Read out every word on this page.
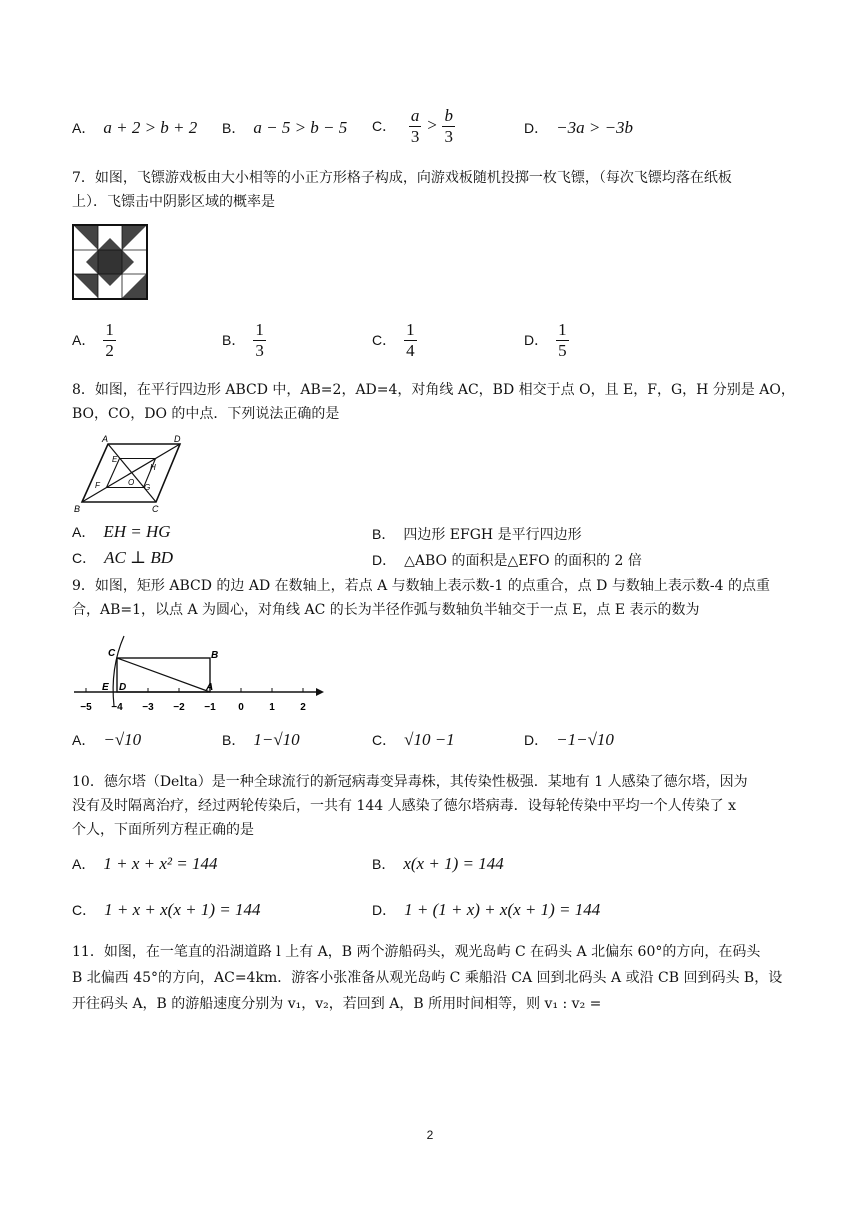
A． a + 2 > b + 2 B． a − 5 > b − 5 C． $\frac{a}{3} > \frac{b}{3}$	D． −3a > −3b
7．如图，飞镖游戏板由大小相等的小正方形格子构成，向游戏板随机投掷一枚飞镖，（每次飞镖均落在纸板
上）．飞镖击中阴影区域的概率是
A． $\frac{1}{2}$	B． $\frac{1}{3}$	C． $\frac{1}{4}$	D． $\frac{1}{5}$
8．如图，在平行四边形 ABCD 中，AB=2，AD=4，对角线 AC，BD 相交于点 O，且 E，F，G，H 分别是 AO，
BO，CO，DO 的中点．下列说法正确的是
A	D
C
B
E
F	G
H
O
A． EH = HG	B． 四边形 EFGH 是平行四边形
C． AC ⊥ BD	D． △ABO 的面积是△EFO 的面积的 2 倍
9．如图，矩形 ABCD 的边 AD 在数轴上，若点 A 与数轴上表示数-1 的点重合，点 D 与数轴上表示数-4 的点重
合，AB=1，以点 A 为圆心，对角线 AC 的长为半径作弧与数轴负半轴交于一点 E，点 E 表示的数为
C	B
E D	A
−5 −4 −3 −2 −1 0	1	2
A． −√10	B． 1−√10	C． √10 −1	D． −1−√10
10．德尔塔（Delta）是一种全球流行的新冠病毒变异毒株，其传染性极强．某地有 1 人感染了德尔塔，因为
没有及时隔离治疗，经过两轮传染后，一共有 144 人感染了德尔塔病毒．设每轮传染中平均一个人传染了 x
个人，下面所列方程正确的是
A． 1 + x + x² = 144	B． x(x + 1) = 144
C． 1 + x + x(x + 1) = 144	D． 1 + (1 + x) + x(x + 1) = 144
11．如图，在一笔直的沿湖道路 l 上有 A，B 两个游船码头，观光岛屿 C 在码头 A 北偏东 60°的方向，在码头
B 北偏西 45°的方向，AC=4km．游客小张准备从观光岛屿 C 乘船沿 CA 回到北码头 A 或沿 CB 回到码头 B，设
开往码头 A，B 的游船速度分别为 v₁，v₂，若回到 A，B 所用时间相等，则 v₁ : v₂ =
2
